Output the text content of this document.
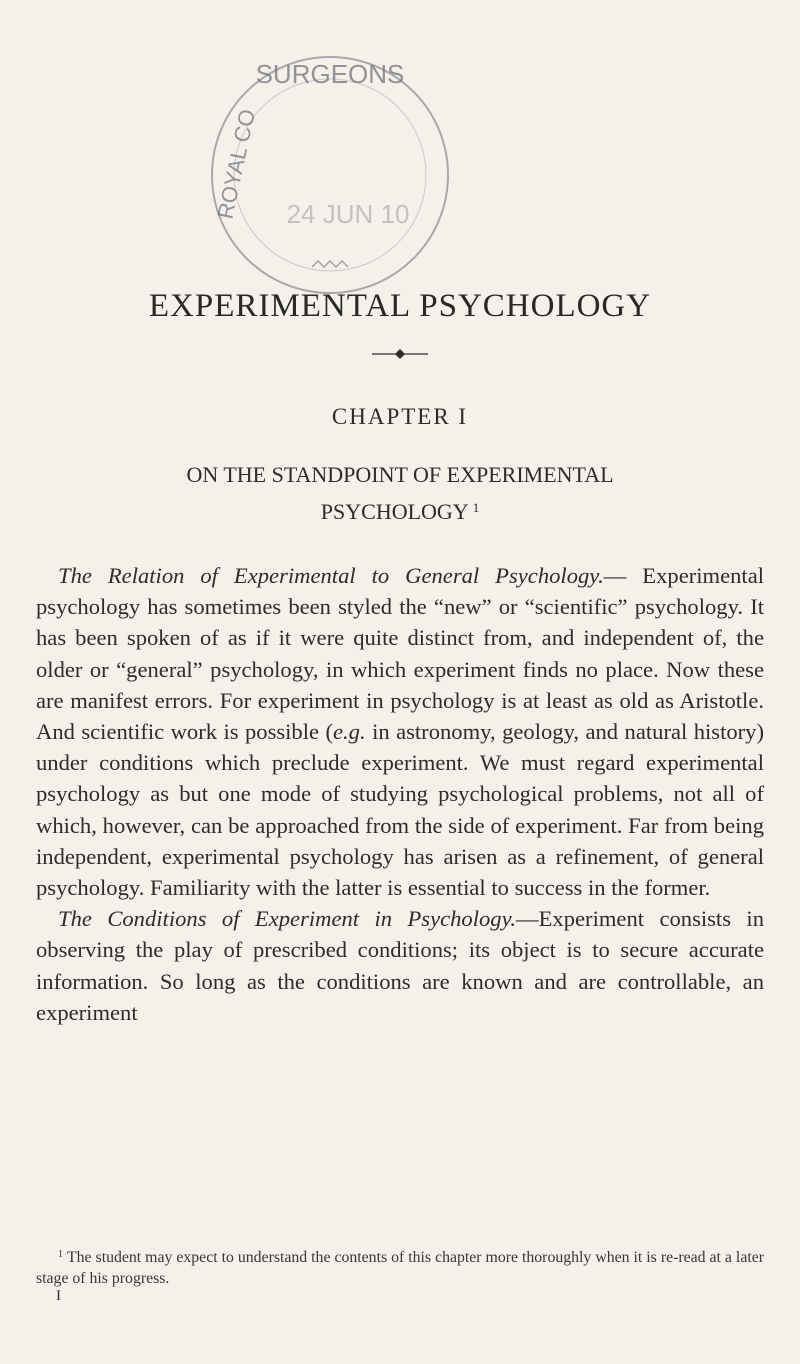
SURGEONS
ROYAL CO 24 JUN 10
EXPERIMENTAL PSYCHOLOGY
CHAPTER I
ON THE STANDPOINT OF EXPERIMENTAL PSYCHOLOGY $^1$

The Relation of Experimental to General Psychology.— Experimental psychology has sometimes been styled the “new” or “scientific” psychology. It has been spoken of as if it were quite distinct from, and independent of, the older or “general” psychology, in which experiment finds no place. Now these are manifest errors. For experiment in psychology is at least as old as Aristotle. And scientific work is possible (e.g. in astronomy, geology, and natural history) under conditions which preclude experiment. We must regard experimental psychology as but one mode of studying psychological problems, not all of which, however, can be approached from the side of experiment. Far from being independent, experimental psychology has arisen as a refinement, of general psychology. Familiarity with the latter is essential to success in the former.

The Conditions of Experiment in Psychology.—Experiment consists in observing the play of prescribed conditions; its object is to secure accurate information. So long as the conditions are known and are controllable, an experiment

$^1$ The student may expect to understand the contents of this chapter more thoroughly when it is re-read at a later stage of his progress.

I
